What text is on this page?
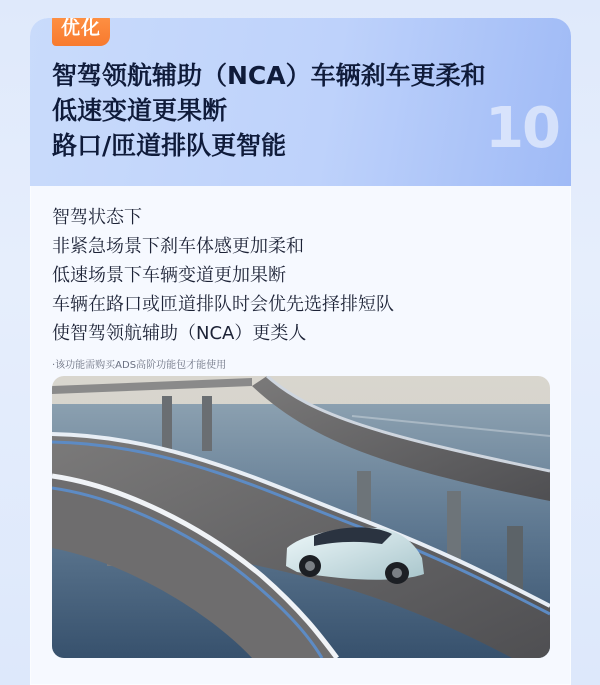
优化
智驾领航辅助（NCA）车辆刹车更柔和
低速变道更果断
路口/匝道排队更智能	10
智驾状态下
非紧急场景下刹车体感更加柔和
低速场景下车辆变道更加果断
车辆在路口或匝道排队时会优先选择排短队
使智驾领航辅助（NCA）更类人
·该功能需购买ADS高阶功能包才能使用
